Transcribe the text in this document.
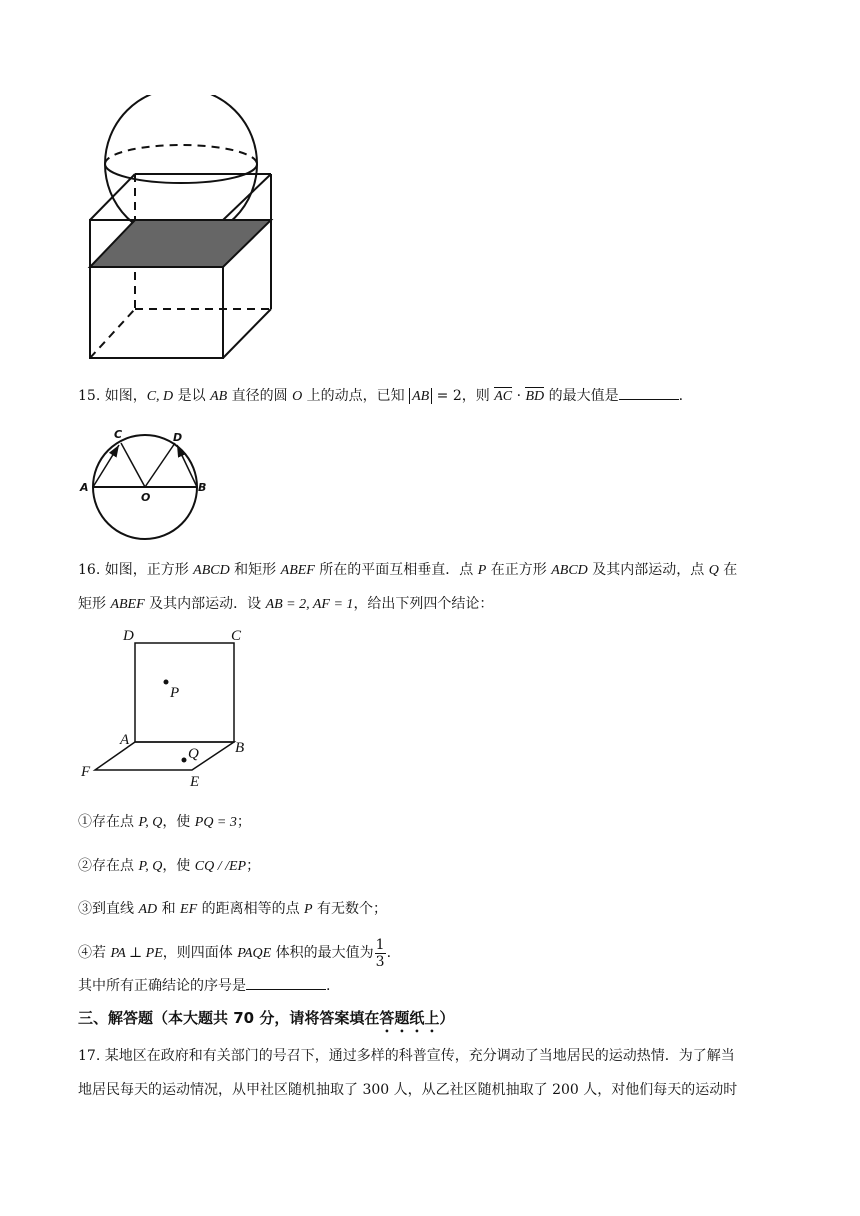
15. 如图，C, D 是以 AB 直径的圆 O 上的动点，已知 AB = 2，则 AC · BD 的最大值是	.
A	B
C	D
O
16. 如图，正方形 ABCD 和矩形 ABEF 所在的平面互相垂直．点 P 在正方形 ABCD 及其内部运动，点 Q 在
矩形 ABEF 及其内部运动．设 AB = 2, AF = 1，给出下列四个结论：
D	C
P
A	B
Q
F
E
①存在点 P, Q，使 PQ = 3；
②存在点 P, Q，使 CQ / /EP；
③到直线 AD 和 EF 的距离相等的点 P 有无数个；
④若 PA ⊥ PE，则四面体 PAQE 体积的最大值为 $\frac{1}{3}$ .
其中所有正确结论的序号是	.
三、解答题（本大题共 70 分，请将答案填在答题纸上）
17. 某地区在政府和有关部门的号召下，通过多样的科普宣传，充分调动了当地居民的运动热情．为了解当
地居民每天的运动情况，从甲社区随机抽取了 300 人，从乙社区随机抽取了 200 人，对他们每天的运动时
